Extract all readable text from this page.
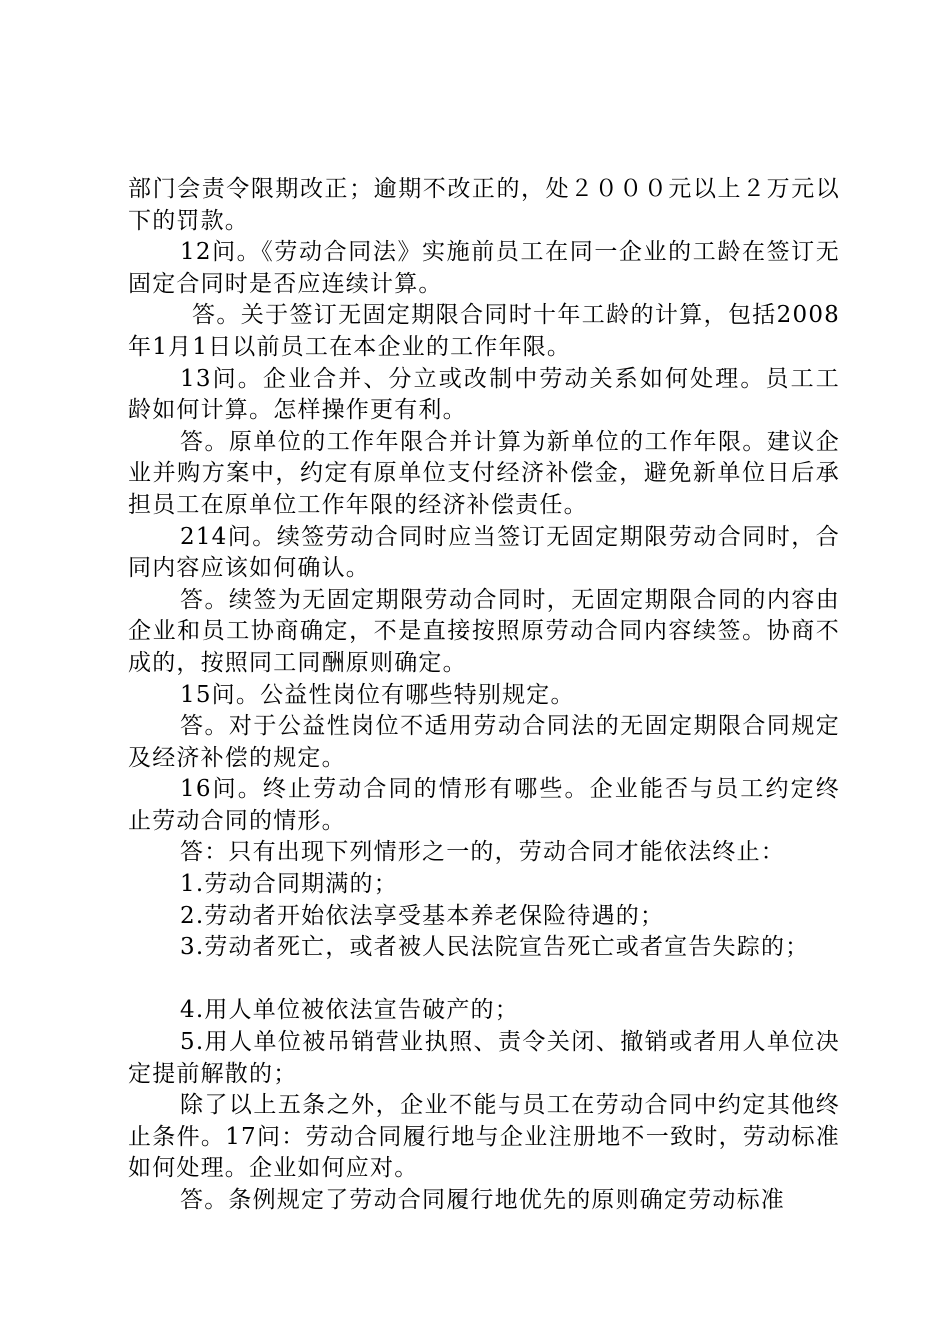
部门会责令限期改正；逾期不改正的，处２０００元以上２万元以下的罚款。

12问。《劳动合同法》实施前员工在同一企业的工龄在签订无固定合同时是否应连续计算。

答。关于签订无固定期限合同时十年工龄的计算，包括2008年1月1日以前员工在本企业的工作年限。

13问。企业合并、分立或改制中劳动关系如何处理。员工工龄如何计算。怎样操作更有利。

答。原单位的工作年限合并计算为新单位的工作年限。建议企业并购方案中，约定有原单位支付经济补偿金，避免新单位日后承担员工在原单位工作年限的经济补偿责任。

214问。续签劳动合同时应当签订无固定期限劳动合同时，合同内容应该如何确认。

答。续签为无固定期限劳动合同时，无固定期限合同的内容由企业和员工协商确定，不是直接按照原劳动合同内容续签。协商不成的，按照同工同酬原则确定。

15问。公益性岗位有哪些特别规定。

答。对于公益性岗位不适用劳动合同法的无固定期限合同规定及经济补偿的规定。

16问。终止劳动合同的情形有哪些。企业能否与员工约定终止劳动合同的情形。

答：只有出现下列情形之一的，劳动合同才能依法终止：

1.劳动合同期满的；

2.劳动者开始依法享受基本养老保险待遇的；

3.劳动者死亡，或者被人民法院宣告死亡或者宣告失踪的；

4.用人单位被依法宣告破产的；

5.用人单位被吊销营业执照、责令关闭、撤销或者用人单位决定提前解散的；

除了以上五条之外，企业不能与员工在劳动合同中约定其他终止条件。17问：劳动合同履行地与企业注册地不一致时，劳动标准如何处理。企业如何应对。

答。条例规定了劳动合同履行地优先的原则确定劳动标准
